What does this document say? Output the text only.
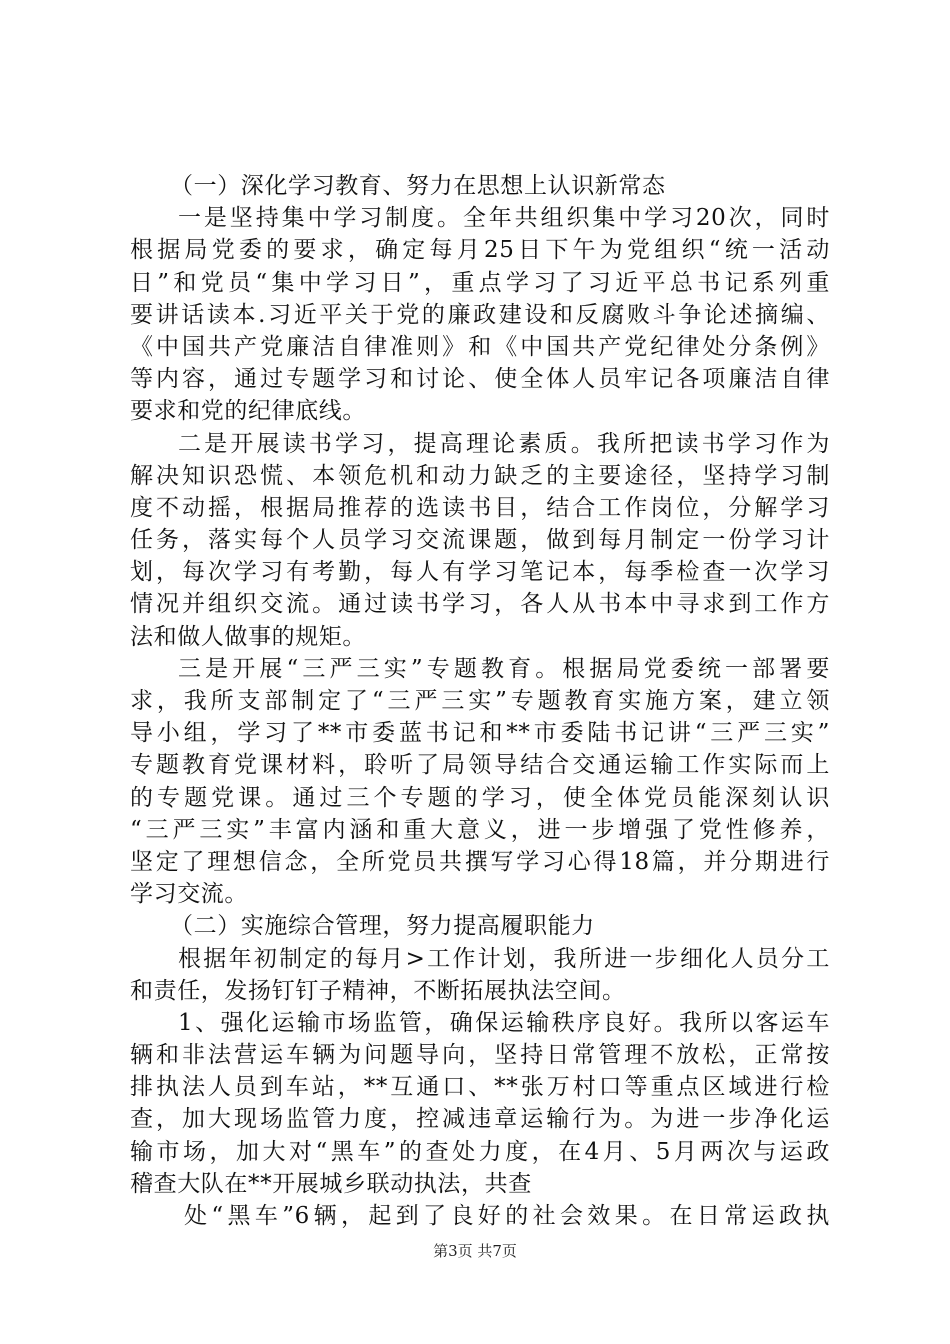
（一）深化学习教育、努力在思想上认识新常态
一是坚持集中学习制度。全年共组织集中学习20次，同时
根据局党委的要求，确定每月25日下午为党组织“统一活动
日”和党员“集中学习日”，重点学习了习近平总书记系列重
要讲话读本.习近平关于党的廉政建设和反腐败斗争论述摘编、
《中国共产党廉洁自律准则》和《中国共产党纪律处分条例》
等内容，通过专题学习和讨论、使全体人员牢记各项廉洁自律
要求和党的纪律底线。
二是开展读书学习，提高理论素质。我所把读书学习作为
解决知识恐慌、本领危机和动力缺乏的主要途径，坚持学习制
度不动摇，根据局推荐的选读书目，结合工作岗位，分解学习
任务，落实每个人员学习交流课题，做到每月制定一份学习计
划，每次学习有考勤，每人有学习笔记本，每季检查一次学习
情况并组织交流。通过读书学习，各人从书本中寻求到工作方
法和做人做事的规矩。
三是开展“三严三实”专题教育。根据局党委统一部署要
求，我所支部制定了“三严三实”专题教育实施方案，建立领
导小组，学习了**市委蓝书记和**市委陆书记讲“三严三实”
专题教育党课材料，聆听了局领导结合交通运输工作实际而上
的专题党课。通过三个专题的学习，使全体党员能深刻认识
“三严三实”丰富内涵和重大意义，进一步增强了党性修养，
坚定了理想信念，全所党员共撰写学习心得18篇，并分期进行
学习交流。
（二）实施综合管理，努力提高履职能力
根据年初制定的每月>工作计划，我所进一步细化人员分工
和责任，发扬钉钉子精神，不断拓展执法空间。
1、强化运输市场监管，确保运输秩序良好。我所以客运车
辆和非法营运车辆为问题导向，坚持日常管理不放松，正常按
排执法人员到车站，**互通口、**张万村口等重点区域进行检
查，加大现场监管力度，控减违章运输行为。为进一步净化运
输市场，加大对“黑车”的查处力度，在4月、5月两次与运政
稽查大队在**开展城乡联动执法，共查
处“黑车”6辆，起到了良好的社会效果。在日常运政执
第3页 共7页
